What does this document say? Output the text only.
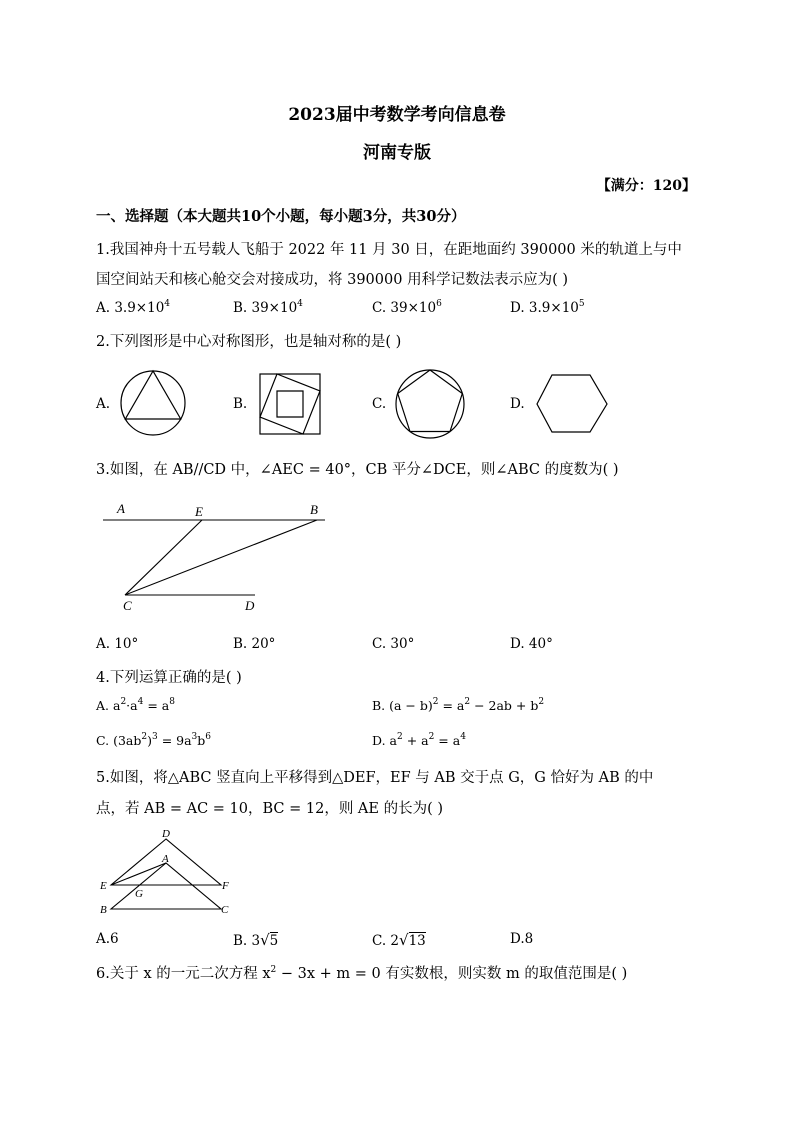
2023届中考数学考向信息卷
河南专版
【满分：120】
一、选择题（本大题共10个小题，每小题3分，共30分）
1.我国神舟十五号载人飞船于 2022 年 11 月 30 日，在距地面约 390000 米的轨道上与中
国空间站天和核心舱交会对接成功，将 390000 用科学记数法表示应为( )
A. $3.9\times 10^4$	B. $39\times 10^4$	C. $39\times 10^6$	D. $3.9\times 10^5$
2.下列图形是中心对称图形，也是轴对称的是( )
A.	B.	C.	D.
3.如图，在 AB//CD 中，∠AEC = 40°，CB 平分∠DCE，则∠ABC 的度数为( )
A	E	B
C	D
A. 10°	B. 20°	C. 30°	D. 40°
4.下列运算正确的是( )
A. $a^2\cdot a^4 = a^8$	B. $(a - b)^2 = a^2 - 2ab + b^2$
C. $(3ab^2)^3 = 9a^3b^6$	D. $a^2 + a^2 = a^4$
5.如图，将△ABC 竖直向上平移得到△DEF，EF 与 AB 交于点 G，G 恰好为 AB 的中
点，若 AB = AC = 10，BC = 12，则 AE 的长为( )
D
A
E	F
G
B	C
A.6	B. 3√5	C. 2√13	D.8
6.关于 x 的一元二次方程 $x^2 - 3x + m = 0$ 有实数根，则实数 m 的取值范围是( )
